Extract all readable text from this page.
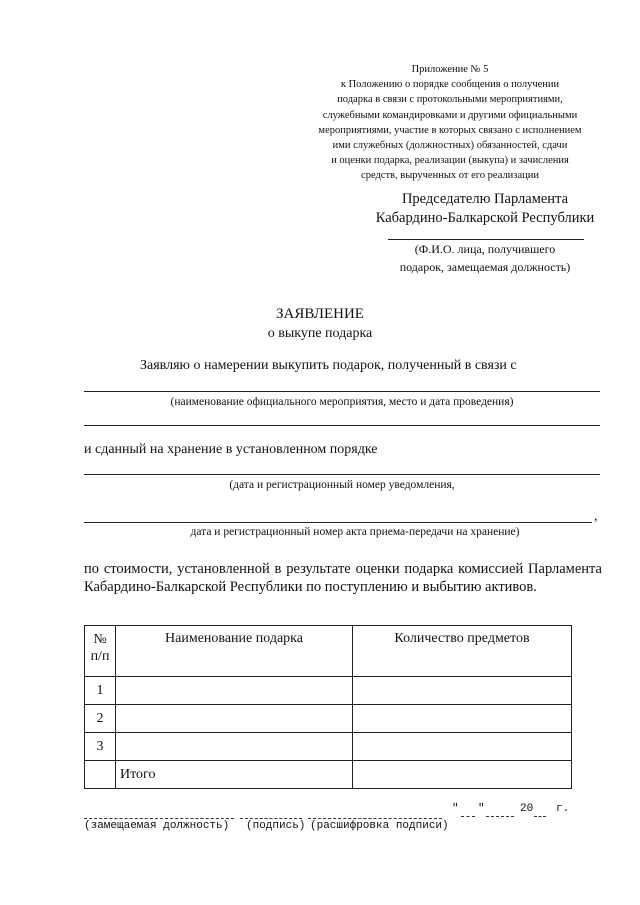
Приложение № 5
к Положению о порядке сообщения о получении
подарка в связи с протокольными мероприятиями,
служебными командировками и другими официальными
мероприятиями, участие в которых связано с исполнением
ими служебных (должностных) обязанностей, сдачи
и оценки подарка, реализации (выкупа) и зачисления
средств, вырученных от его реализации
Председателю Парламента
Кабардино-Балкарской Республики
(Ф.И.О. лица, получившего
подарок, замещаемая должность)
ЗАЯВЛЕНИЕ
о выкупе подарка
Заявляю о намерении выкупить подарок, полученный в связи с
(наименование официального мероприятия, место и дата проведения)
и сданный на хранение в установленном порядке
(дата и регистрационный номер уведомления,
,
дата и регистрационный номер акта приема-передачи на хранение)
по стоимости, установленной в результате оценки подарка комиссией Парламента Кабардино-Балкарской Республики по поступлению и выбытию активов.
№
п/п	Наименование подарка	Количество предметов
1		
2		
3		
	Итого	
" "	20 г.
(замещаемая должность) (подпись) (расшифровка подписи)
